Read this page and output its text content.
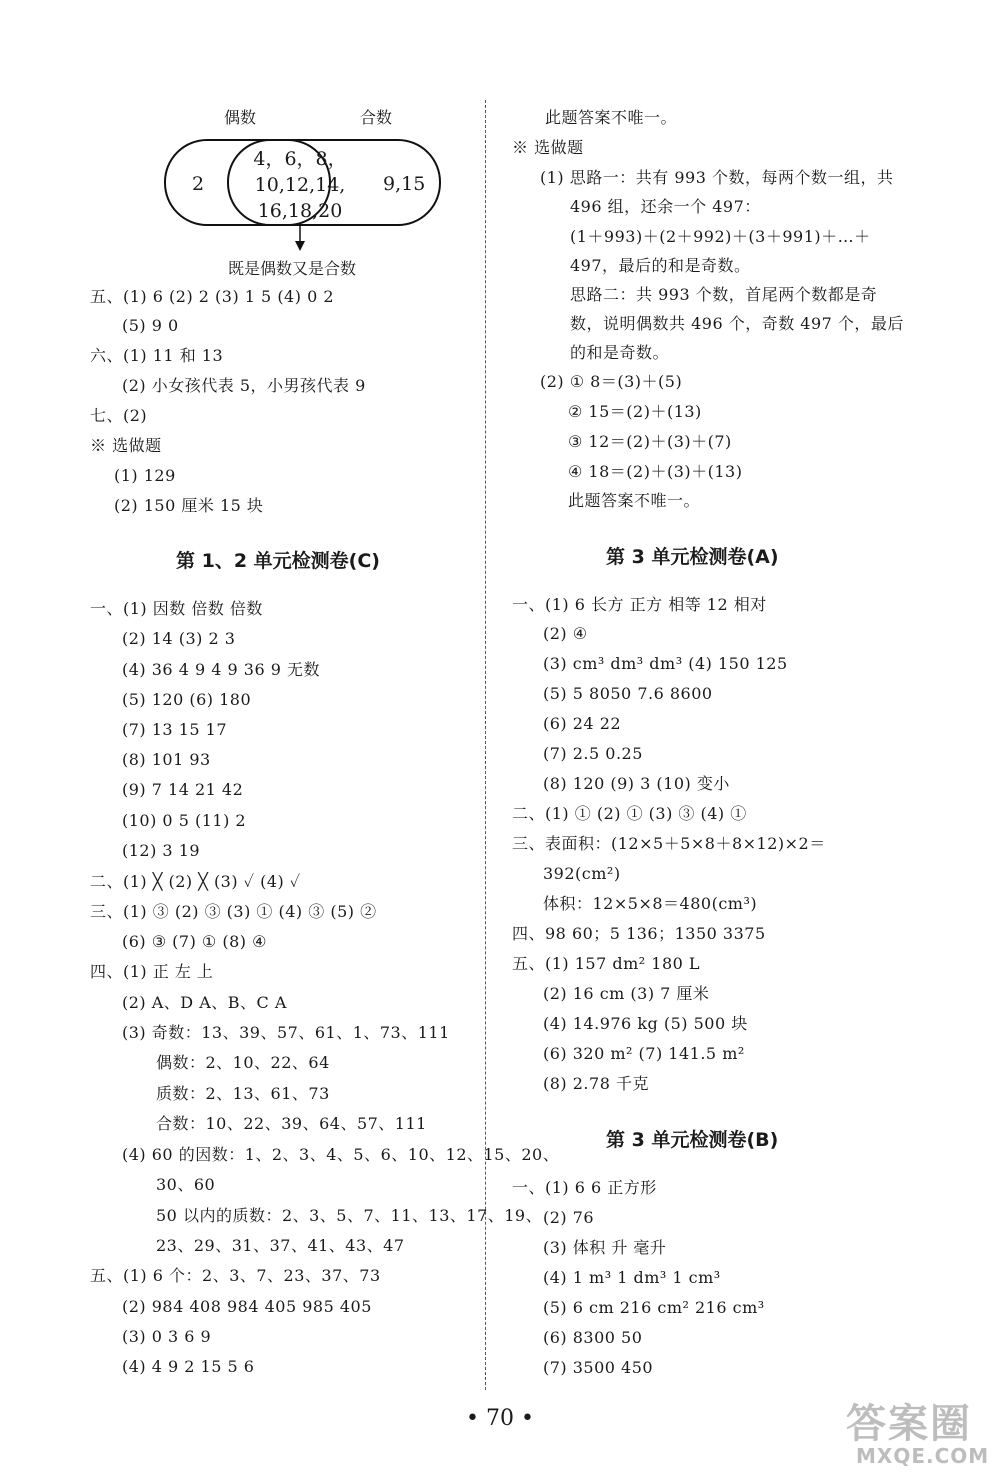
偶数	合数
2
4，6，8，
10,12,14,
16,18,20
9,15
既是偶数又是合数
五、(1) 6 (2) 2 (3) 1 5 (4) 0 2
(5) 9 0
六、(1) 11 和 13
(2) 小女孩代表 5，小男孩代表 9
七、(2)
※ 选做题
(1) 129
(2) 150 厘米 15 块
第 1、2 单元检测卷(C)
一、(1) 因数 倍数 倍数
(2) 14 (3) 2 3
(4) 36 4 9 4 9 36 9 无数
(5) 120 (6) 180
(7) 13 15 17
(8) 101 93
(9) 7 14 21 42
(10) 0 5 (11) 2
(12) 3 19
二、(1) ╳ (2) ╳ (3) ✓ (4) ✓
三、(1) ③ (2) ③ (3) ① (4) ③ (5) ②
(6) ③ (7) ① (8) ④
四、(1) 正 左 上
(2) A、D A、B、C A
(3) 奇数：13、39、57、61、1、73、111
偶数：2、10、22、64
质数：2、13、61、73
合数：10、22、39、64、57、111
(4) 60 的因数：1、2、3、4、5、6、10、12、15、20、
30、60
50 以内的质数：2、3、5、7、11、13、17、19、
23、29、31、37、41、43、47
五、(1) 6 个：2、3、7、23、37、73
(2) 984 408 984 405 985 405
(3) 0 3 6 9
(4) 4 9 2 15 5 6
此题答案不唯一。
※ 选做题
(1) 思路一：共有 993 个数，每两个数一组，共
496 组，还余一个 497：
(1＋993)＋(2＋992)＋(3＋991)＋…＋
497，最后的和是奇数。
思路二：共 993 个数，首尾两个数都是奇
数，说明偶数共 496 个，奇数 497 个，最后
的和是奇数。
(2) ① 8＝(3)＋(5)
② 15＝(2)＋(13)
③ 12＝(2)＋(3)＋(7)
④ 18＝(2)＋(3)＋(13)
此题答案不唯一。
第 3 单元检测卷(A)
一、(1) 6 长方 正方 相等 12 相对
(2) ④
(3) cm³ dm³ dm³ (4) 150 125
(5) 5 8050 7.6 8600
(6) 24 22
(7) 2.5 0.25
(8) 120 (9) 3 (10) 变小
二、(1) ① (2) ① (3) ③ (4) ①
三、表面积：(12×5＋5×8＋8×12)×2＝
392(cm²)
体积：12×5×8＝480(cm³)
四、98 60；5 136；1350 3375
五、(1) 157 dm² 180 L
(2) 16 cm (3) 7 厘米
(4) 14.976 kg (5) 500 块
(6) 320 m² (7) 141.5 m²
(8) 2.78 千克
第 3 单元检测卷(B)
一、(1) 6 6 正方形
(2) 76
(3) 体积 升 毫升
(4) 1 m³ 1 dm³ 1 cm³
(5) 6 cm 216 cm² 216 cm³
(6) 8300 50
(7) 3500 450
• 70 •	答案圈
MXQE.COM
